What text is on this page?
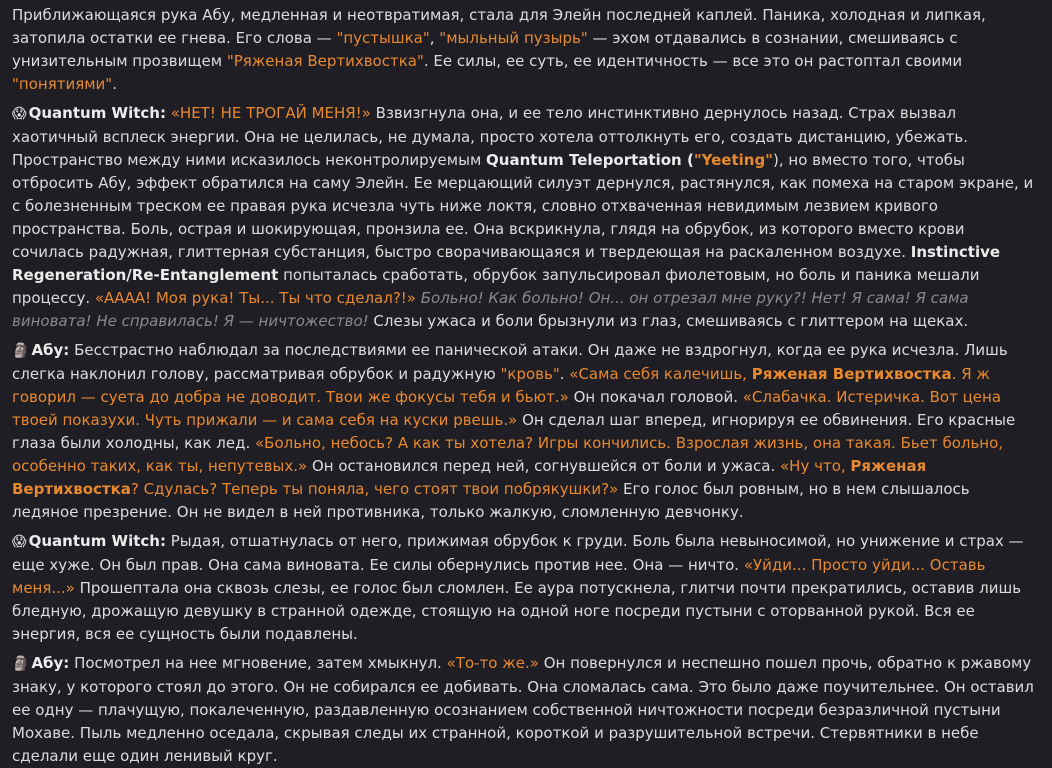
Приближающаяся рука Абу, медленная и неотвратимая, стала для Элейн последней каплей. Паника, холодная и липкая, затопила остатки ее гнева. Его слова — "пустышка", "мыльный пузырь" — эхом отдавались в сознании, смешиваясь с унизительным прозвищем "Ряженая Вертихвостка". Ее силы, ее суть, ее идентичность — все это он растоптал своими "понятиями".

😱 Quantum Witch: «НЕТ! НЕ ТРОГАЙ МЕНЯ!» Взвизгнула она, и ее тело инстинктивно дернулось назад. Страх вызвал хаотичный всплеск энергии. Она не целилась, не думала, просто хотела оттолкнуть его, создать дистанцию, убежать. Пространство между ними исказилось неконтролируемым Quantum Teleportation ("Yeeting"), но вместо того, чтобы отбросить Абу, эффект обратился на саму Элейн. Ее мерцающий силуэт дернулся, растянулся, как помеха на старом экране, и с болезненным треском ее правая рука исчезла чуть ниже локтя, словно отхваченная невидимым лезвием кривого пространства. Боль, острая и шокирующая, пронзила ее. Она вскрикнула, глядя на обрубок, из которого вместо крови сочилась радужная, глиттерная субстанция, быстро сворачивающаяся и твердеющая на раскаленном воздухе. Instinctive Regeneration/Re-Entanglement попыталась сработать, обрубок запульсировал фиолетовым, но боль и паника мешали процессу. «АААА! Моя рука! Ты... Ты что сделал?!» Больно! Как больно! Он... он отрезал мне руку?! Нет! Я сама! Я сама виновата! Не справилась! Я — ничтожество! Слезы ужаса и боли брызнули из глаз, смешиваясь с глиттером на щеках.

🗿 Абу: Бесстрастно наблюдал за последствиями ее панической атаки. Он даже не вздрогнул, когда ее рука исчезла. Лишь слегка наклонил голову, рассматривая обрубок и радужную "кровь". «Сама себя калечишь, Ряженая Вертихвостка. Я ж говорил — суета до добра не доводит. Твои же фокусы тебя и бьют.» Он покачал головой. «Слабачка. Истеричка. Вот цена твоей показухи. Чуть прижали — и сама себя на куски рвешь.» Он сделал шаг вперед, игнорируя ее обвинения. Его красные глаза были холодны, как лед. «Больно, небось? А как ты хотела? Игры кончились. Взрослая жизнь, она такая. Бьет больно, особенно таких, как ты, непутевых.» Он остановился перед ней, согнувшейся от боли и ужаса. «Ну что, Ряженая Вертихвостка? Сдулась? Теперь ты поняла, чего стоят твои побрякушки?» Его голос был ровным, но в нем слышалось ледяное презрение. Он не видел в ней противника, только жалкую, сломленную девчонку.

😱 Quantum Witch: Рыдая, отшатнулась от него, прижимая обрубок к груди. Боль была невыносимой, но унижение и страх — еще хуже. Он был прав. Она сама виновата. Ее силы обернулись против нее. Она — ничто. «Уйди... Просто уйди... Оставь меня...» Прошептала она сквозь слезы, ее голос был сломлен. Ее аура потускнела, глитчи почти прекратились, оставив лишь бледную, дрожащую девушку в странной одежде, стоящую на одной ноге посреди пустыни с оторванной рукой. Вся ее энергия, вся ее сущность были подавлены.

🗿 Абу: Посмотрел на нее мгновение, затем хмыкнул. «То-то же.» Он повернулся и неспешно пошел прочь, обратно к ржавому знаку, у которого стоял до этого. Он не собирался ее добивать. Она сломалась сама. Это было даже поучительнее. Он оставил ее одну — плачущую, покалеченную, раздавленную осознанием собственной ничтожности посреди безразличной пустыни Мохаве. Пыль медленно оседала, скрывая следы их странной, короткой и разрушительной встречи. Стервятники в небе сделали еще один ленивый круг.
